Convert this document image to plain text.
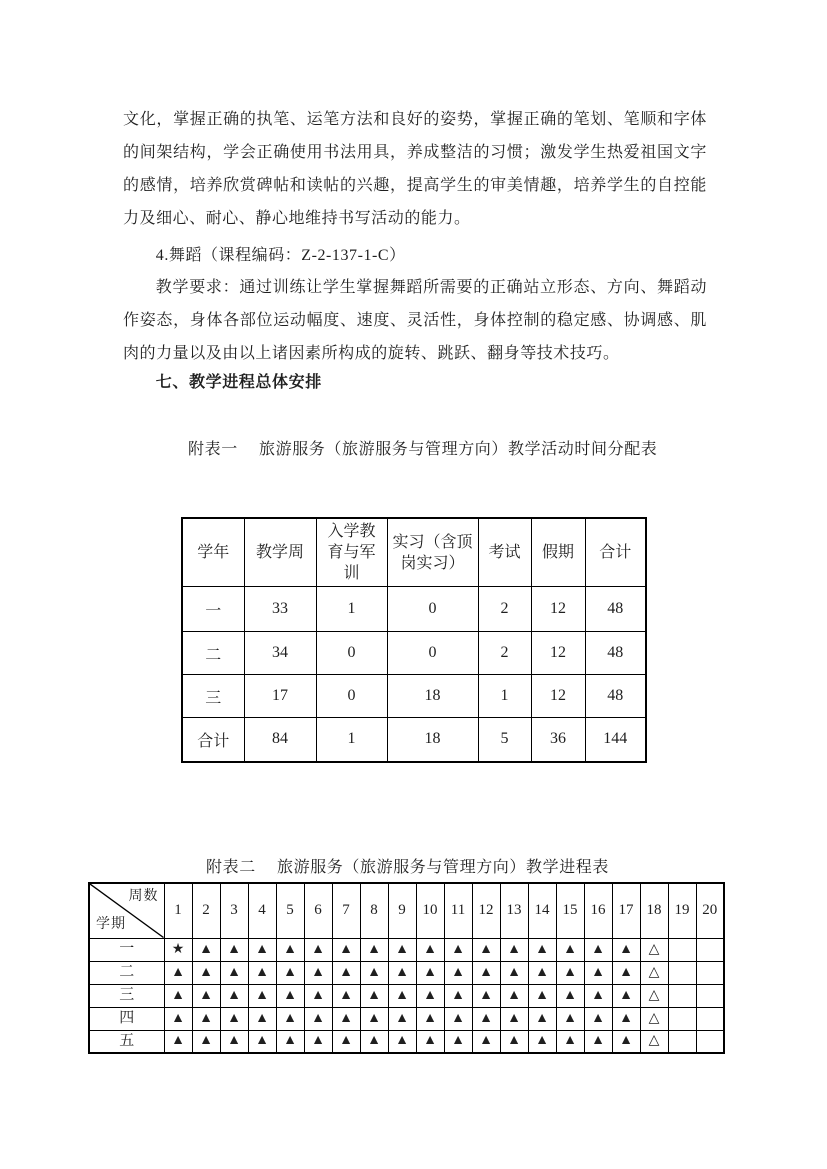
文化，掌握正确的执笔、运笔方法和良好的姿势，掌握正确的笔划、笔顺和字体的间架结构，学会正确使用书法用具，养成整洁的习惯；激发学生热爱祖国文字的感情，培养欣赏碑帖和读帖的兴趣，提高学生的审美情趣，培养学生的自控能力及细心、耐心、静心地维持书写活动的能力。

4.舞蹈（课程编码：Z-2-137-1-C）

教学要求：通过训练让学生掌握舞蹈所需要的正确站立形态、方向、舞蹈动作姿态，身体各部位运动幅度、速度、灵活性，身体控制的稳定感、协调感、肌肉的力量以及由以上诸因素所构成的旋转、跳跃、翻身等技术技巧。

七、教学进程总体安排

附表一　 旅游服务（旅游服务与管理方向）教学活动时间分配表

学年	教学周	入学教育与军训	实习（含顶岗实习）	考试	假期	合计
一	33	1	0	2	12	48
二	34	0	0	2	12	48
三	17	0	18	1	12	48
合计	84	1	18	5	36	144

附表二　 旅游服务（旅游服务与管理方向）教学进程表

周数
学期	1	2	3	4	5	6	7	8	9	10	11	12	13	14	15	16	17	18	19	20
一	★	▲	▲	▲	▲	▲	▲	▲	▲	▲	▲	▲	▲	▲	▲	▲	▲	△		
二	▲	▲	▲	▲	▲	▲	▲	▲	▲	▲	▲	▲	▲	▲	▲	▲	▲	△		
三	▲	▲	▲	▲	▲	▲	▲	▲	▲	▲	▲	▲	▲	▲	▲	▲	▲	△		
四	▲	▲	▲	▲	▲	▲	▲	▲	▲	▲	▲	▲	▲	▲	▲	▲	▲	△		
五	▲	▲	▲	▲	▲	▲	▲	▲	▲	▲	▲	▲	▲	▲	▲	▲	▲	△		
